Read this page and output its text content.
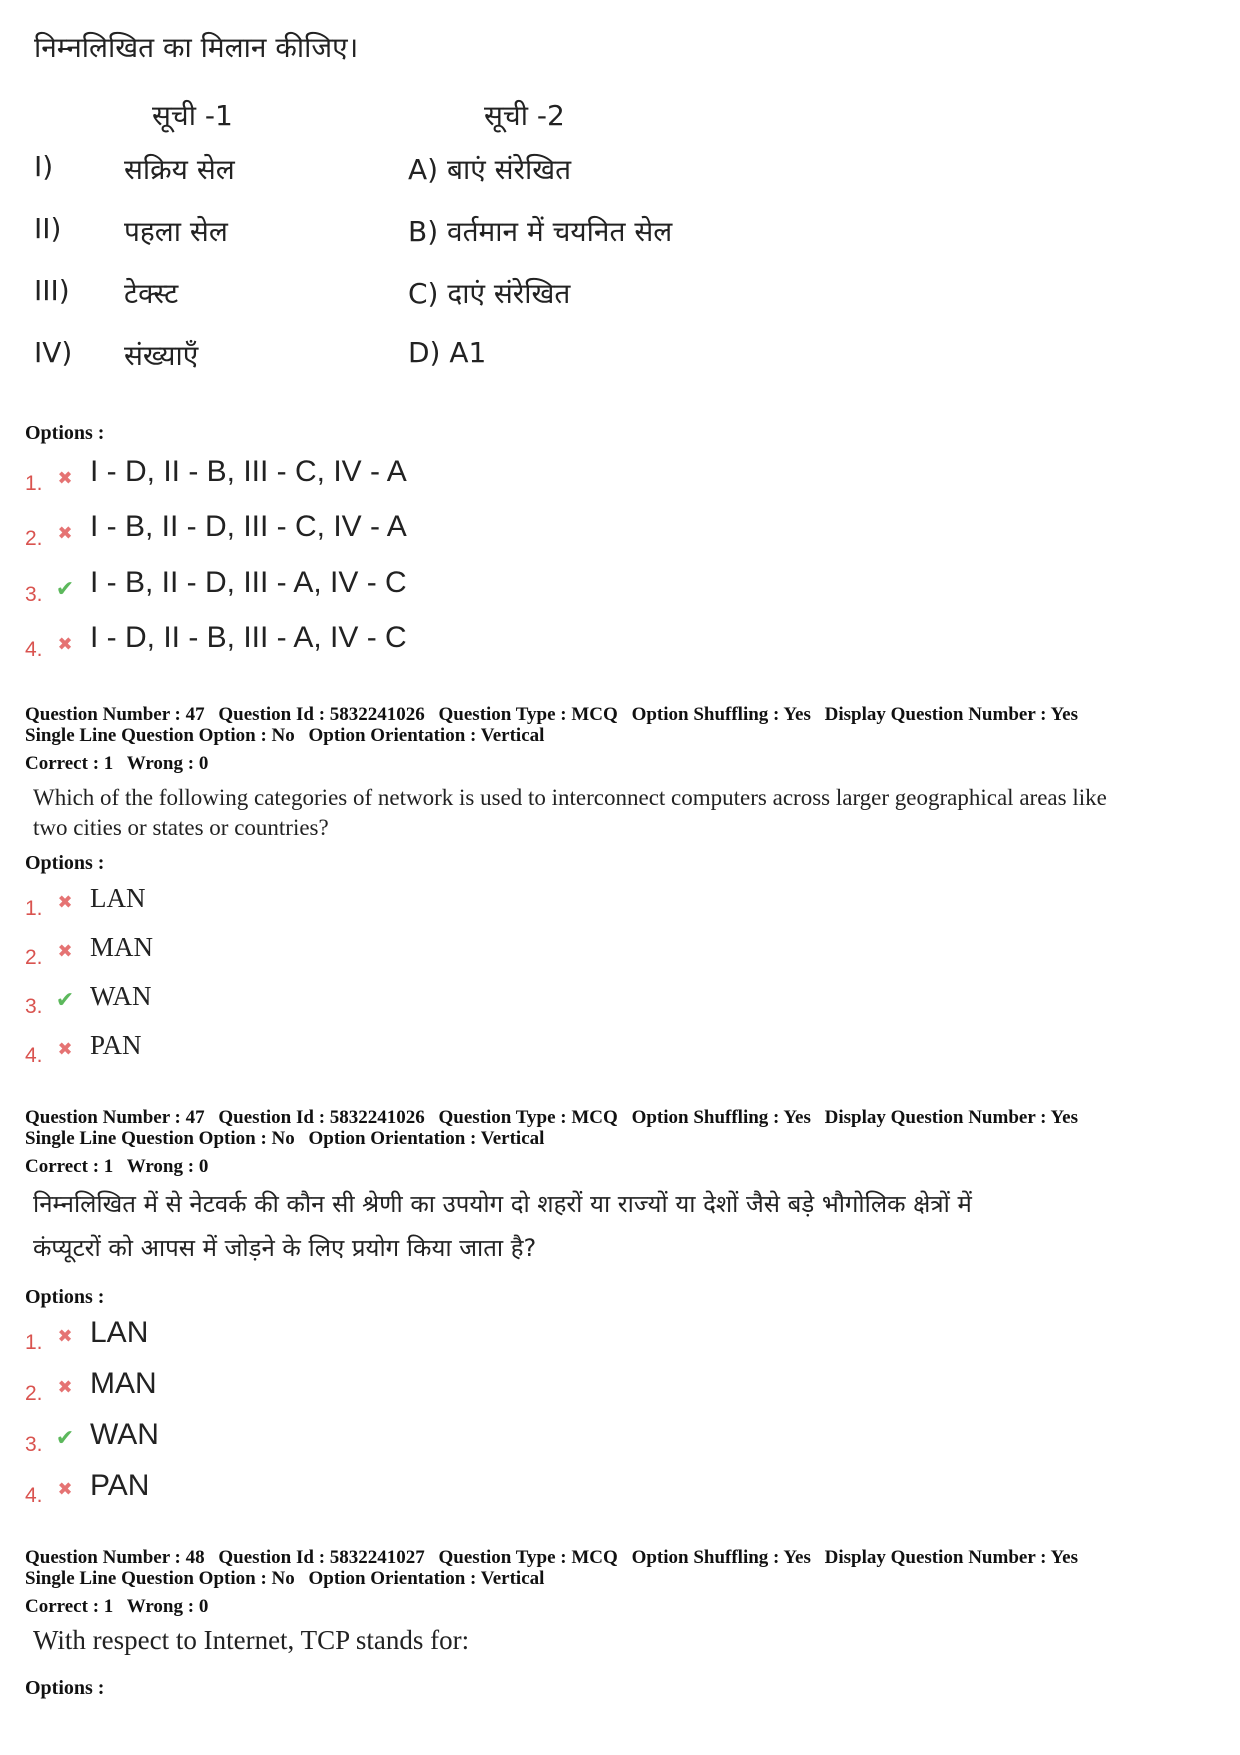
निम्नलिखित का मिलान कीजिए।
सूची -1	सूची -2
I)	सक्रिय सेल	A) बाएं संरेखित
II) पहला सेल	B) वर्तमान में चयनित सेल
III) टेक्स्ट	C) दाएं संरेखित
IV) संख्याएँ	D) A1
Options :
1. ✖ I - D, II - B, III - C, IV - A
2. ✖ I - B, II - D, III - C, IV - A
3. ✔ I - B, II - D, III - A, IV - C
4. ✖ I - D, II - B, III - A, IV - C
Question Number : 47 Question Id : 5832241026 Question Type : MCQ Option Shuffling : Yes Display Question Number : Yes
Single Line Question Option : No Option Orientation : Vertical
Correct : 1 Wrong : 0
Which of the following categories of network is used to interconnect computers across larger geographical areas like
two cities or states or countries?
Options :
1. ✖ LAN
2. ✖ MAN
3. ✔ WAN
4. ✖ PAN
Question Number : 47 Question Id : 5832241026 Question Type : MCQ Option Shuffling : Yes Display Question Number : Yes
Single Line Question Option : No Option Orientation : Vertical
Correct : 1 Wrong : 0
निम्नलिखित में से नेटवर्क की कौन सी श्रेणी का उपयोग दो शहरों या राज्यों या देशों जैसे बड़े भौगोलिक क्षेत्रों में
कंप्यूटरों को आपस में जोड़ने के लिए प्रयोग किया जाता है?
Options :
1. ✖ LAN
2. ✖ MAN
3. ✔ WAN
4. ✖ PAN
Question Number : 48 Question Id : 5832241027 Question Type : MCQ Option Shuffling : Yes Display Question Number : Yes
Single Line Question Option : No Option Orientation : Vertical
Correct : 1 Wrong : 0
With respect to Internet, TCP stands for:
Options :
